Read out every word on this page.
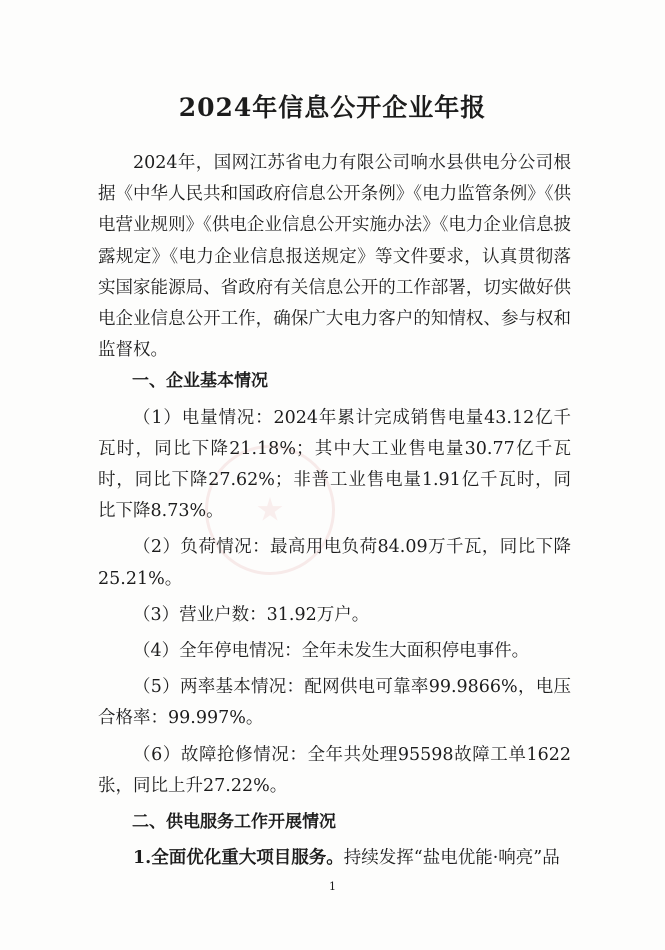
2024年信息公开企业年报

2024年，国网江苏省电力有限公司响水县供电分公司根据《中华人民共和国政府信息公开条例》《电力监管条例》《供电营业规则》《供电企业信息公开实施办法》《电力企业信息披露规定》《电力企业信息报送规定》等文件要求，认真贯彻落实国家能源局、省政府有关信息公开的工作部署，切实做好供电企业信息公开工作，确保广大电力客户的知情权、参与权和监督权。

一、企业基本情况

（1）电量情况：2024年累计完成销售电量43.12亿千瓦时，同比下降21.18%；其中大工业售电量30.77亿千瓦时，同比下降27.62%；非普工业售电量1.91亿千瓦时，同比下降8.73%。

（2）负荷情况：最高用电负荷84.09万千瓦，同比下降25.21%。

（3）营业户数：31.92万户。

（4）全年停电情况：全年未发生大面积停电事件。

（5）两率基本情况：配网供电可靠率99.9866%，电压合格率：99.997%。

（6）故障抢修情况：全年共处理95598故障工单1622张，同比上升27.22%。

二、供电服务工作开展情况

1.全面优化重大项目服务。持续发挥“盐电优能·响亮”品

1
